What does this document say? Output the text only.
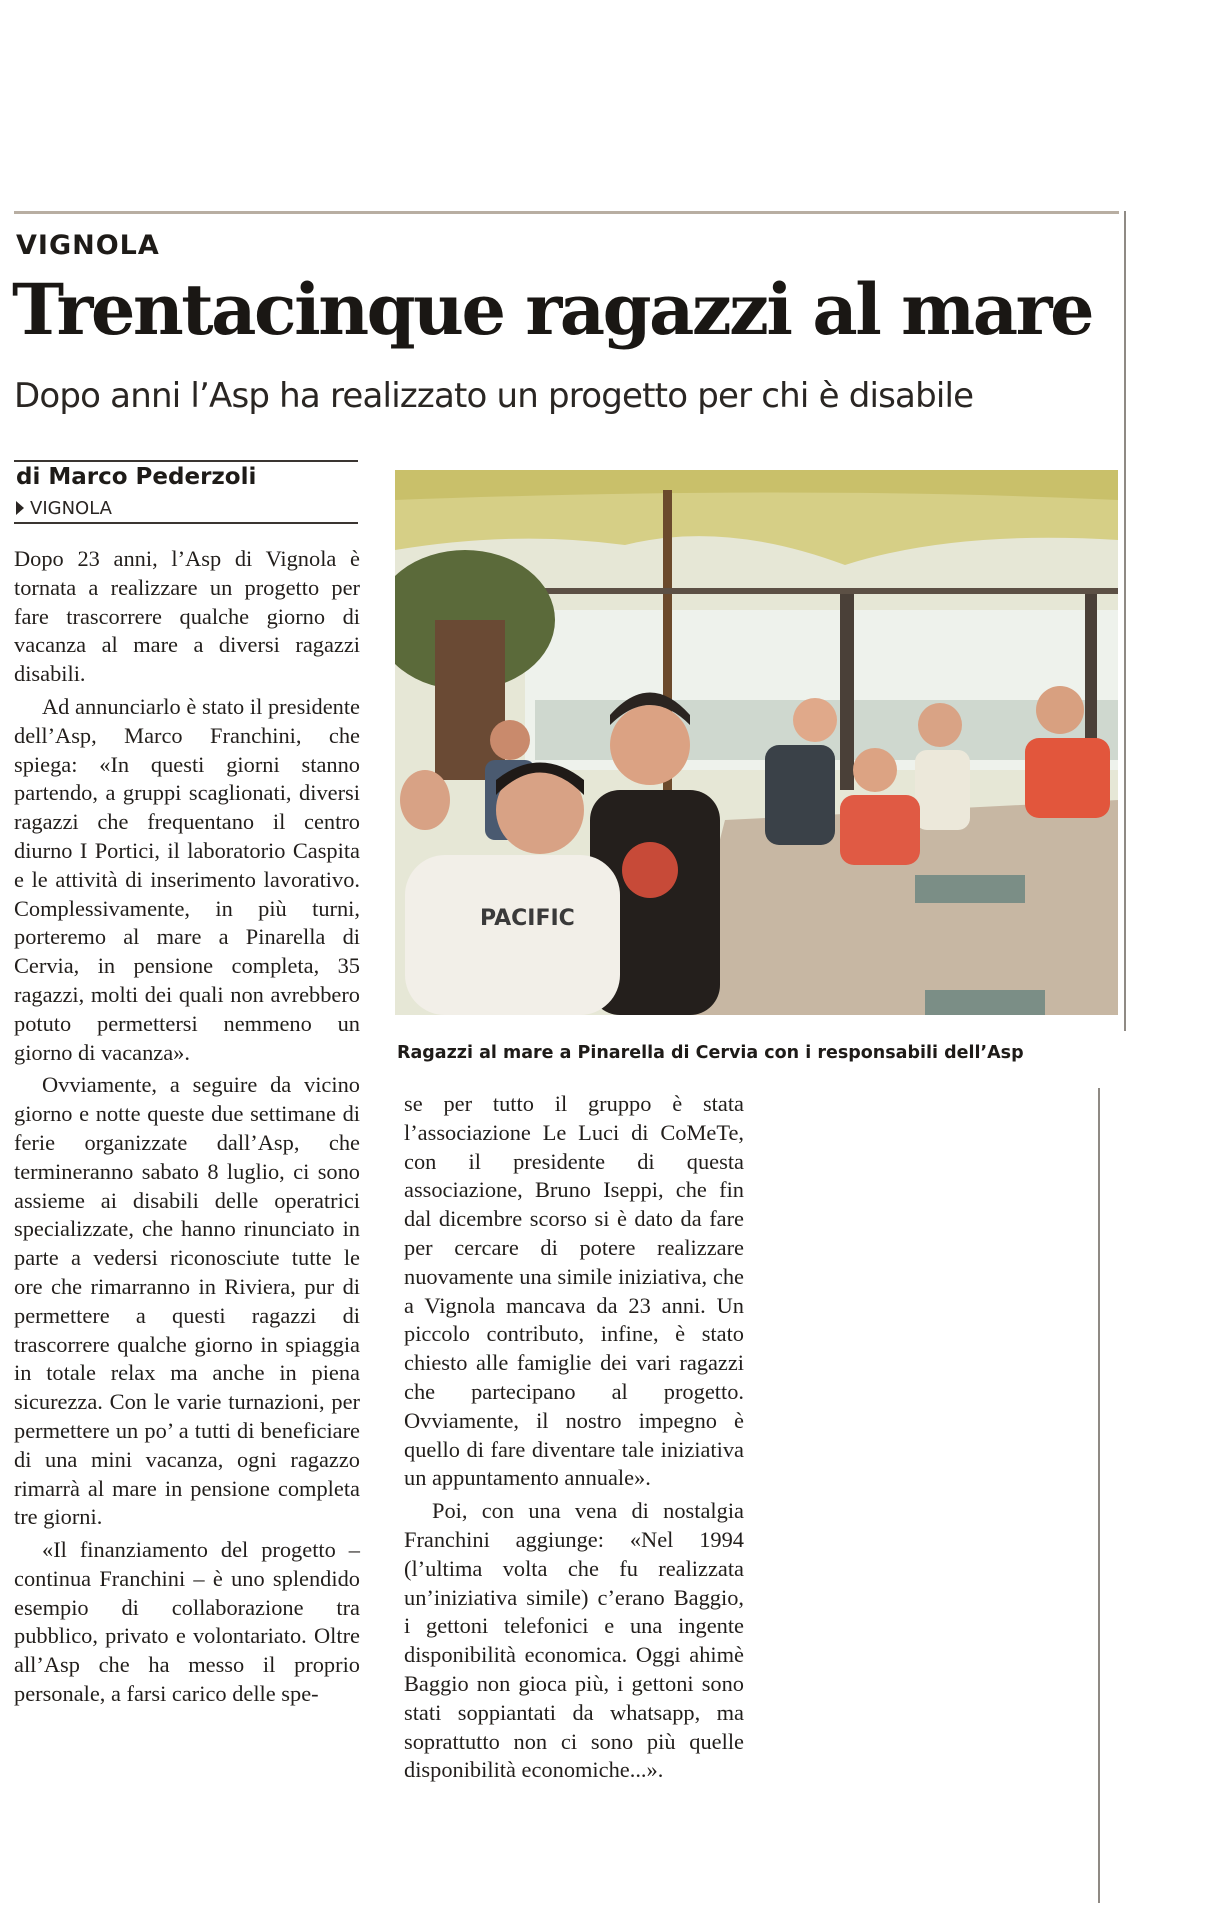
VIGNOLA
Trentacinque ragazzi al mare
Dopo anni l’Asp ha realizzato un progetto per chi è disabile
di Marco Pederzoli
VIGNOLA

Dopo 23 anni, l’Asp di Vignola è tornata a realizzare un progetto per fare trascorrere qualche giorno di vacanza al mare a diversi ragazzi disabili.

Ad annunciarlo è stato il presidente dell’Asp, Marco Franchini, che spiega: «In questi giorni stanno partendo, a gruppi scaglionati, diversi ragazzi che frequentano il centro diurno I Portici, il laboratorio Caspita e le attività di inserimento lavorativo. Complessivamente, in più turni, porteremo al mare a Pinarella di Cervia, in pensione completa, 35 ragazzi, molti dei quali non avrebbero potuto permettersi nemmeno un giorno di vacanza».

Ovviamente, a seguire da vicino giorno e notte queste due settimane di ferie organizzate dall’Asp, che termineranno sabato 8 luglio, ci sono assieme ai disabili delle operatrici specializzate, che hanno rinunciato in parte a vedersi riconosciute tutte le ore che rimarranno in Riviera, pur di permettere a questi ragazzi di trascorrere qualche giorno in spiaggia in totale relax ma anche in piena sicurezza. Con le varie turnazioni, per permettere un po’ a tutti di beneficiare di una mini vacanza, ogni ragazzo rimarrà al mare in pensione completa tre giorni.

«Il finanziamento del progetto – continua Franchini – è uno splendido esempio di collaborazione tra pubblico, privato e volontariato. Oltre all’Asp che ha messo il proprio personale, a farsi carico delle spe-

PACIFIC
Ragazzi al mare a Pinarella di Cervia con i responsabili dell’Asp

se per tutto il gruppo è stata l’associazione Le Luci di CoMeTe, con il presidente di questa associazione, Bruno Iseppi, che fin dal dicembre scorso si è dato da fare per cercare di potere realizzare nuovamente una simile iniziativa, che a Vignola mancava da 23 anni. Un piccolo contributo, infine, è stato chiesto alle famiglie dei vari ragazzi che partecipano al progetto. Ovviamente, il nostro impegno è quello di fare diventare tale iniziativa un appuntamento annuale».

Poi, con una vena di nostalgia Franchini aggiunge: «Nel 1994 (l’ultima volta che fu realizzata un’iniziativa simile) c’erano Baggio, i gettoni telefonici e una ingente disponibilità economica. Oggi ahimè Baggio non gioca più, i gettoni sono stati soppiantati da whatsapp, ma soprattutto non ci sono più quelle disponibilità economiche...».
